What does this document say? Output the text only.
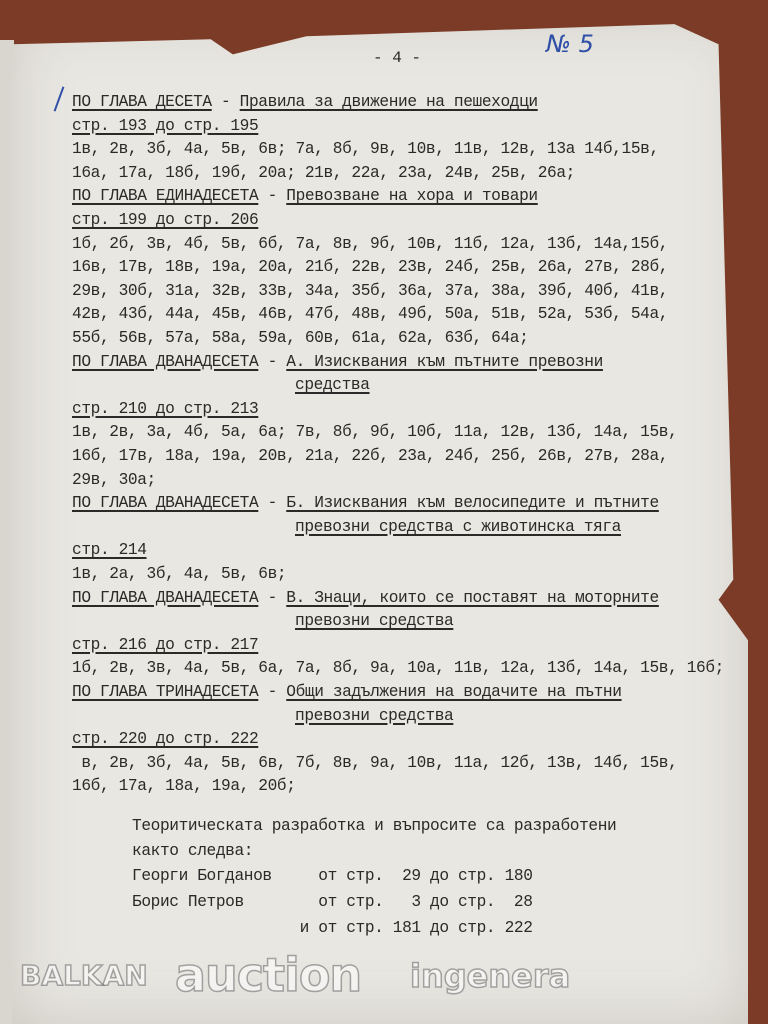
- 4 -	№ 5
ПО ГЛАВА ДЕСЕТА - Правила за движение на пешеходци
стр. 193 до стр. 195
1в, 2в, 3б, 4а, 5в, 6в; 7а, 8б, 9в, 10в, 11в, 12в, 13а 14б,15в,
16а, 17а, 18б, 19б, 20а; 21в, 22а, 23а, 24в, 25в, 26а;
ПО ГЛАВА ЕДИНАДЕСЕТА - Превозване на хора и товари
стр. 199 до стр. 206
1б, 2б, 3в, 4б, 5в, 6б, 7а, 8в, 9б, 10в, 11б, 12а, 13б, 14а,15б,
16в, 17в, 18в, 19а, 20а, 21б, 22в, 23в, 24б, 25в, 26а, 27в, 28б,
29в, 30б, 31а, 32в, 33в, 34а, 35б, 36а, 37а, 38а, 39б, 40б, 41в,
42в, 43б, 44а, 45в, 46в, 47б, 48в, 49б, 50а, 51в, 52а, 53б, 54а,
55б, 56в, 57а, 58а, 59а, 60в, 61а, 62а, 63б, 64а;
ПО ГЛАВА ДВАНАДЕСЕТА - А. Изисквания към пътните превозни
средства
стр. 210 до стр. 213
1в, 2в, 3а, 4б, 5а, 6а; 7в, 8б, 9б, 10б, 11а, 12в, 13б, 14а, 15в,
16б, 17в, 18а, 19а, 20в, 21а, 22б, 23а, 24б, 25б, 26в, 27в, 28а,
29в, 30а;
ПО ГЛАВА ДВАНАДЕСЕТА - Б. Изисквания към велосипедите и пътните
превозни средства с животинска тяга
стр. 214
1в, 2а, 3б, 4а, 5в, 6в;
ПО ГЛАВА ДВАНАДЕСЕТА - В. Знаци, които се поставят на моторните
превозни средства
стр. 216 до стр. 217
1б, 2в, 3в, 4а, 5в, 6а, 7а, 8б, 9а, 10а, 11в, 12а, 13б, 14а, 15в, 16б;
ПО ГЛАВА ТРИНАДЕСЕТА - Общи задължения на водачите на пътни
превозни средства
стр. 220 до стр. 222
в, 2в, 3б, 4а, 5в, 6в, 7б, 8в, 9а, 10в, 11а, 12б, 13в, 14б, 15в,
16б, 17а, 18а, 19а, 20б;
Теоритическата разработка и въпросите са разработени
както следва:
Георги Богданов     от стр.  29 до стр. 180
Борис Петров        от стр.   3 до стр.  28
и от стр. 181 до стр. 222
BALKAN auction ingenera
